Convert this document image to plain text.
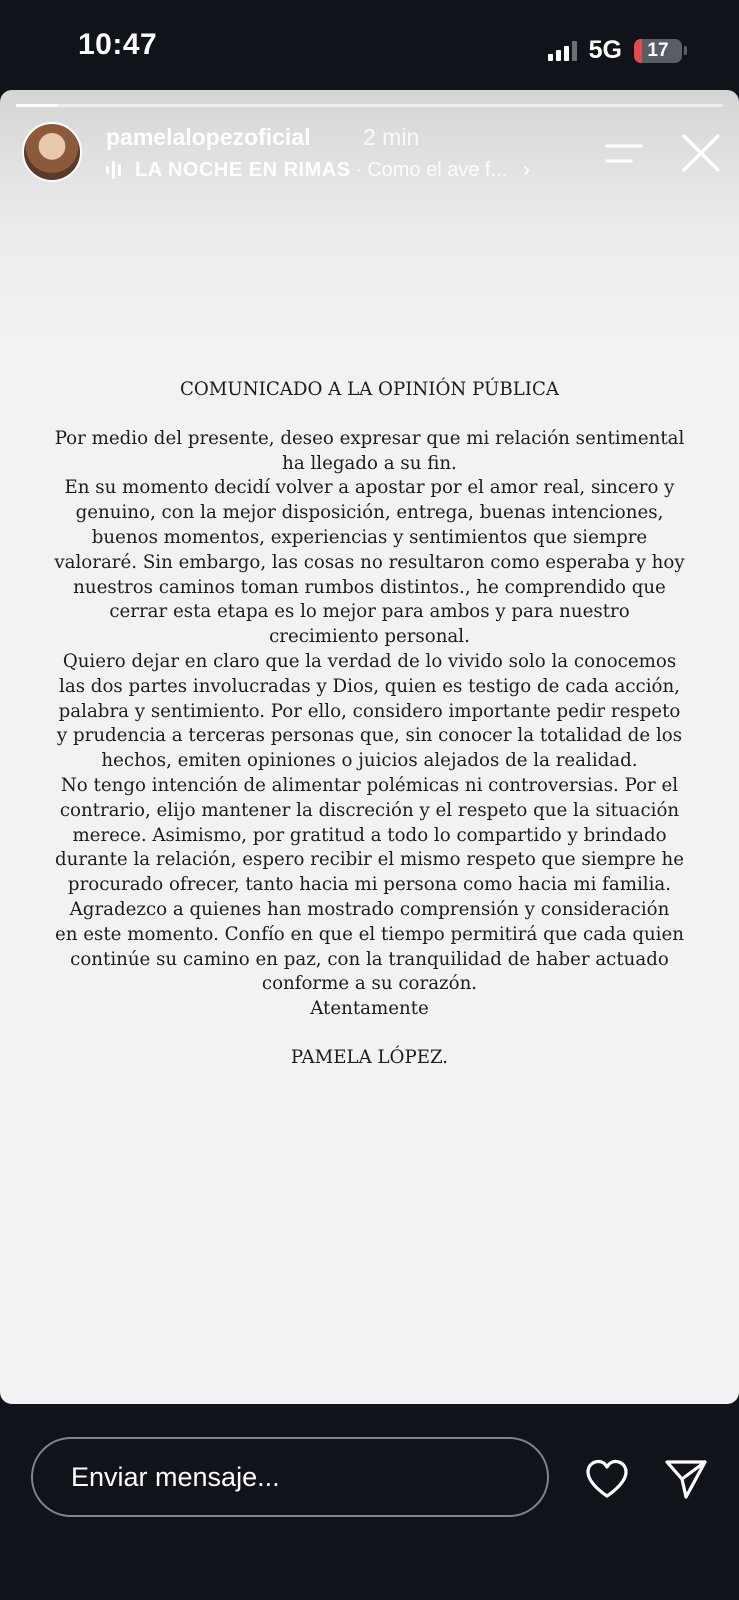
10:47	5G 17
pamelalopezoficial 2 min
LA NOCHE EN RIMAS · Como el ave f... ›
COMUNICADO A LA OPINIÓN PÚBLICA
Por medio del presente, deseo expresar que mi relación sentimental
ha llegado a su fin.
En su momento decidí volver a apostar por el amor real, sincero y
genuino, con la mejor disposición, entrega, buenas intenciones,
buenos momentos, experiencias y sentimientos que siempre
valoraré. Sin embargo, las cosas no resultaron como esperaba y hoy
nuestros caminos toman rumbos distintos., he comprendido que
cerrar esta etapa es lo mejor para ambos y para nuestro
crecimiento personal.
Quiero dejar en claro que la verdad de lo vivido solo la conocemos
las dos partes involucradas y Dios, quien es testigo de cada acción,
palabra y sentimiento. Por ello, considero importante pedir respeto
y prudencia a terceras personas que, sin conocer la totalidad de los
hechos, emiten opiniones o juicios alejados de la realidad.
No tengo intención de alimentar polémicas ni controversias. Por el
contrario, elijo mantener la discreción y el respeto que la situación
merece. Asimismo, por gratitud a todo lo compartido y brindado
durante la relación, espero recibir el mismo respeto que siempre he
procurado ofrecer, tanto hacia mi persona como hacia mi familia.
Agradezco a quienes han mostrado comprensión y consideración
en este momento. Confío en que el tiempo permitirá que cada quien
continúe su camino en paz, con la tranquilidad de haber actuado
conforme a su corazón.
Atentamente
PAMELA LÓPEZ.
Enviar mensaje...
